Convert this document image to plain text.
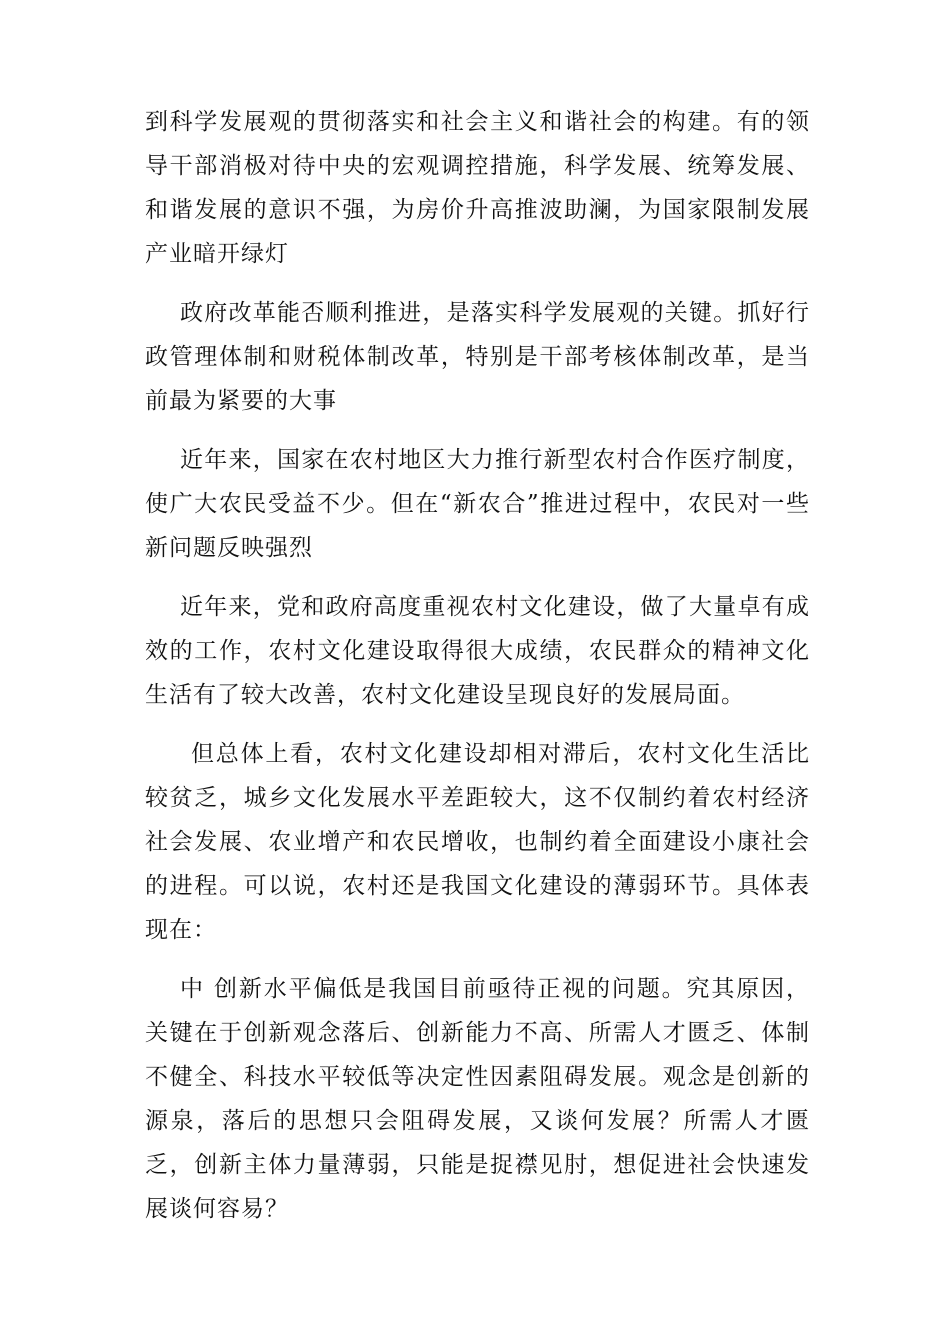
到科学发展观的贯彻落实和社会主义和谐社会的构建。有的领导干部消极对待中央的宏观调控措施，科学发展、统筹发展、和谐发展的意识不强，为房价升高推波助澜，为国家限制发展产业暗开绿灯

政府改革能否顺利推进，是落实科学发展观的关键。抓好行政管理体制和财税体制改革，特别是干部考核体制改革，是当前最为紧要的大事

近年来，国家在农村地区大力推行新型农村合作医疗制度，使广大农民受益不少。但在“新农合”推进过程中，农民对一些新问题反映强烈

近年来，党和政府高度重视农村文化建设，做了大量卓有成效的工作，农村文化建设取得很大成绩，农民群众的精神文化生活有了较大改善，农村文化建设呈现良好的发展局面。

但总体上看，农村文化建设却相对滞后，农村文化生活比较贫乏，城乡文化发展水平差距较大，这不仅制约着农村经济社会发展、农业增产和农民增收，也制约着全面建设小康社会的进程。可以说，农村还是我国文化建设的薄弱环节。具体表现在：

中 创新水平偏低是我国目前亟待正视的问题。究其原因，关键在于创新观念落后、创新能力不高、所需人才匮乏、体制不健全、科技水平较低等决定性因素阻碍发展。观念是创新的源泉，落后的思想只会阻碍发展，又谈何发展？所需人才匮乏，创新主体力量薄弱，只能是捉襟见肘，想促进社会快速发展谈何容易？
